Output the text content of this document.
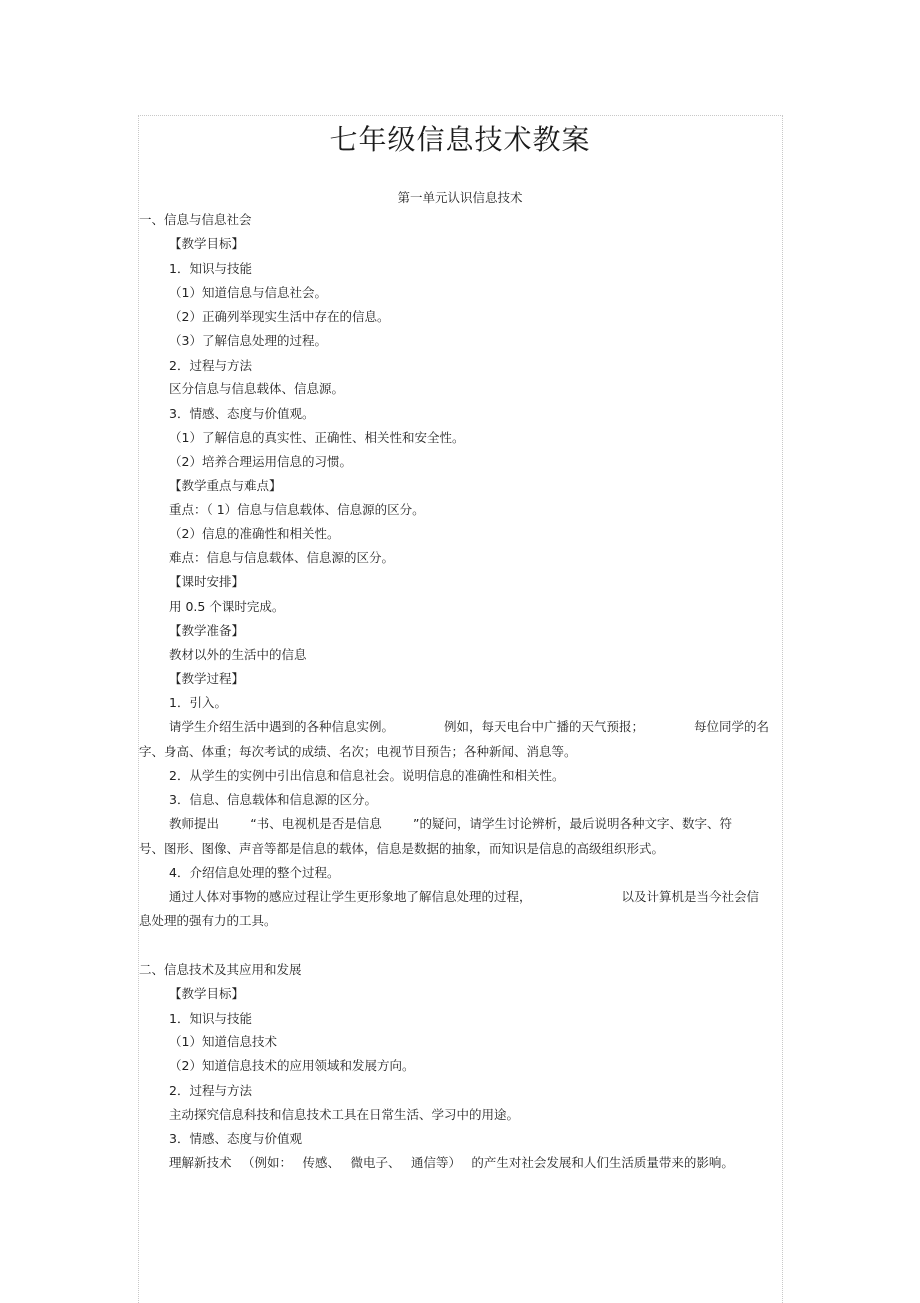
七年级信息技术教案
第一单元认识信息技术
一、信息与信息社会
【教学目标】
1．知识与技能
（1）知道信息与信息社会。
（2）正确列举现实生活中存在的信息。
（3）了解信息处理的过程。
2．过程与方法
区分信息与信息载体、信息源。
3．情感、态度与价值观。
（1）了解信息的真实性、正确性、相关性和安全性。
（2）培养合理运用信息的习惯。
【教学重点与难点】
重点：（ 1）信息与信息载体、信息源的区分。
（2）信息的准确性和相关性。
难点：信息与信息载体、信息源的区分。
【课时安排】
用 0.5 个课时完成。
【教学准备】
教材以外的生活中的信息
【教学过程】
1．引入。
请学生介绍生活中遇到的各种信息实例。	例如，每天电台中广播的天气预报；	每位同学的名
字、身高、体重；每次考试的成绩、名次；电视节目预告；各种新闻、消息等。
2．从学生的实例中引出信息和信息社会。说明信息的准确性和相关性。
3．信息、信息载体和信息源的区分。
教师提出	“书、电视机是否是信息	”的疑问，请学生讨论辨析，最后说明各种文字、数字、符
号、图形、图像、声音等都是信息的载体，信息是数据的抽象，而知识是信息的高级组织形式。
4．介绍信息处理的整个过程。
通过人体对事物的感应过程让学生更形象地了解信息处理的过程，	以及计算机是当今社会信
息处理的强有力的工具。
二、信息技术及其应用和发展
【教学目标】
1．知识与技能
（1）知道信息技术
（2）知道信息技术的应用领域和发展方向。
2．过程与方法
主动探究信息科技和信息技术工具在日常生活、学习中的用途。
3．情感、态度与价值观
理解新技术 （例如： 传感、 微电子、 通信等） 的产生对社会发展和人们生活质量带来的影响。
